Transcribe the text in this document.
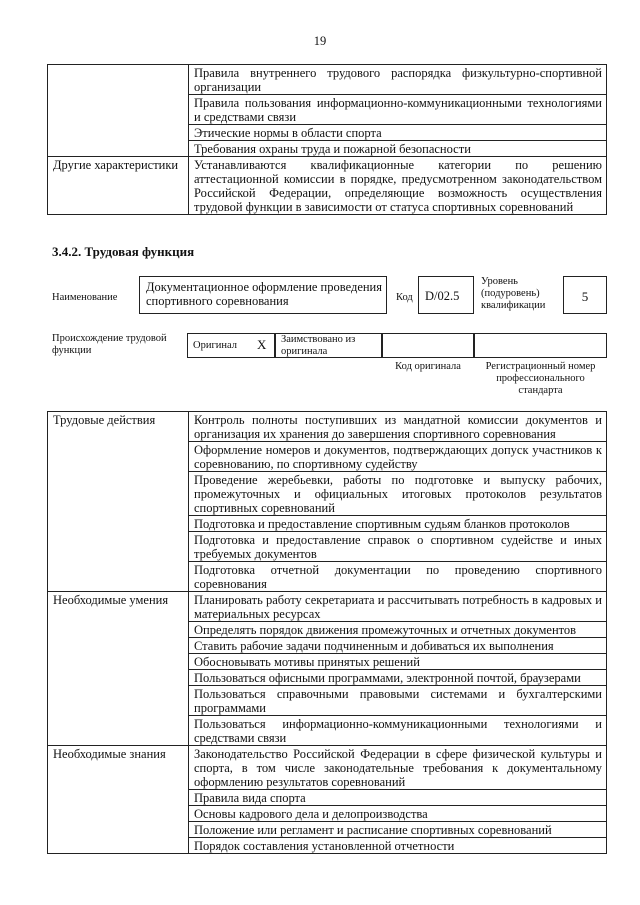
19
	Правила внутреннего трудового распорядка физкультурно-спортивной организации
	Правила пользования информационно-коммуникационными технологиями и средствами связи
	Этические нормы в области спорта
	Требования охраны труда и пожарной безопасности
Другие характеристики	Устанавливаются квалификационные категории по решению аттестационной комиссии в порядке, предусмотренном законодательством Российской Федерации, определяющие возможность осуществления трудовой функции в зависимости от статуса спортивных соревнований
3.4.2. Трудовая функция
Наименование
Документационное оформление проведения спортивного соревнования	Код D/02.5
Уровень (подуровень) квалификации
5
Происхождение трудовой функции	Оригинал X Заимствовано из оригинала
Код оригинала	Регистрационный номер профессионального стандарта
Трудовые действия	Контроль полноты поступивших из мандатной комиссии документов и организация их хранения до завершения спортивного соревнования
	Оформление номеров и документов, подтверждающих допуск участников к соревнованию, по спортивному судейству
	Проведение жеребьевки, работы по подготовке и выпуску рабочих, промежуточных и официальных итоговых протоколов результатов спортивных соревнований
	Подготовка и предоставление спортивным судьям бланков протоколов
	Подготовка и предоставление справок о спортивном судействе и иных требуемых документов
	Подготовка отчетной документации по проведению спортивного соревнования
Необходимые умения	Планировать работу секретариата и рассчитывать потребность в кадровых и материальных ресурсах
	Определять порядок движения промежуточных и отчетных документов
	Ставить рабочие задачи подчиненным и добиваться их выполнения
	Обосновывать мотивы принятых решений
	Пользоваться офисными программами, электронной почтой, браузерами
	Пользоваться справочными правовыми системами и бухгалтерскими программами
	Пользоваться информационно-коммуникационными технологиями и средствами связи
Необходимые знания	Законодательство Российской Федерации в сфере физической культуры и спорта, в том числе законодательные требования к документальному оформлению результатов соревнований
	Правила вида спорта
	Основы кадрового дела и делопроизводства
	Положение или регламент и расписание спортивных соревнований
	Порядок составления установленной отчетности
